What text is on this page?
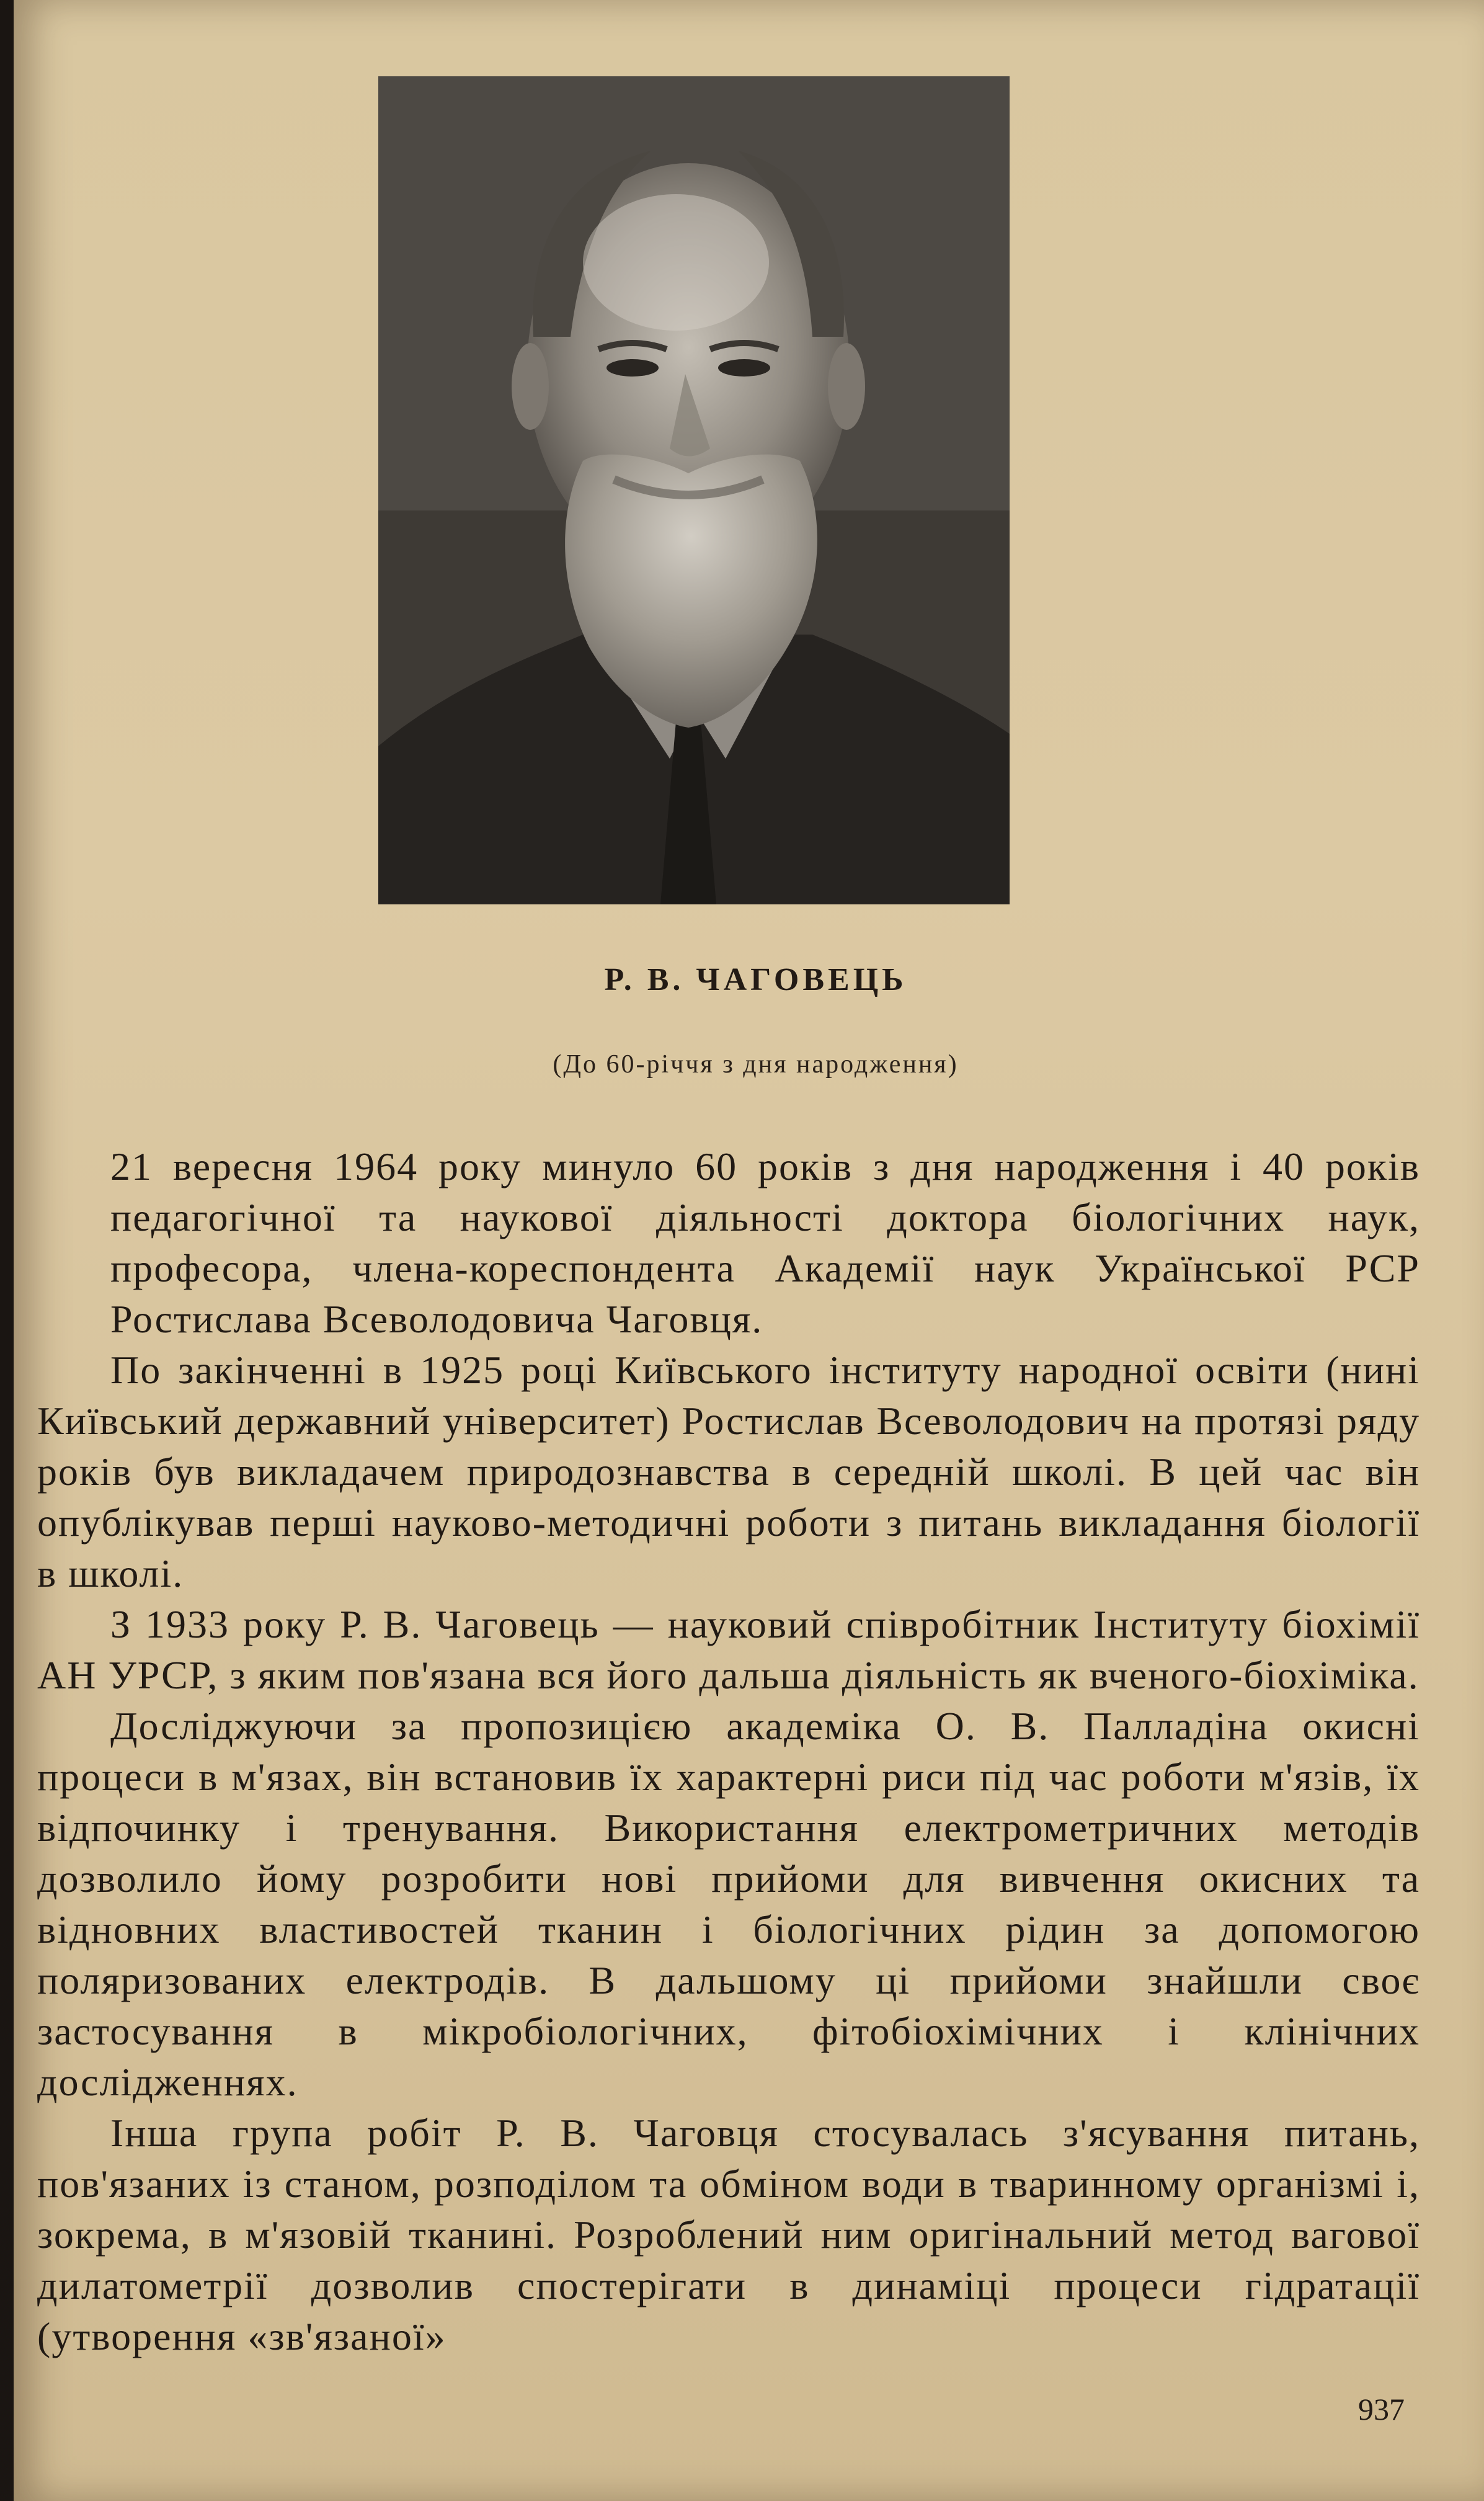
Р. В. ЧАГОВЕЦЬ
(До 60-річчя з дня народження)

21 вересня 1964 року минуло 60 років з дня народження і 40 років педагогічної та наукової діяльності доктора біологічних наук, професора, члена-кореспондента Академії наук Української РСР Ростислава Всеволодовича Чаговця.

По закінченні в 1925 році Київського інституту народної освіти (нині Київський державний університет) Ростислав Всеволодович на протязі ряду років був викладачем природознавства в середній школі. В цей час він опублікував перші науково-методичні роботи з питань викладання біології в школі.

З 1933 року Р. В. Чаговець — науковий співробітник Інституту біохімії АН УРСР, з яким пов'язана вся його дальша діяльність як вченого-біохіміка.

Досліджуючи за пропозицією академіка О. В. Палладіна окисні процеси в м'язах, він встановив їх характерні риси під час роботи м'язів, їх відпочинку і тренування. Використання електрометричних методів дозволило йому розробити нові прийоми для вивчення окисних та відновних властивостей тканин і біологічних рідин за допомогою поляризованих електродів. В дальшому ці прийоми знайшли своє застосування в мікробіологічних, фітобіохімічних і клінічних дослідженнях.

Інша група робіт Р. В. Чаговця стосувалась з'ясування питань, пов'язаних із станом, розподілом та обміном води в тваринному організмі і, зокрема, в м'язовій тканині. Розроблений ним оригінальний метод вагової дилатометрії дозволив спостерігати в динаміці процеси гідратації (утворення «зв'язаної»

937
